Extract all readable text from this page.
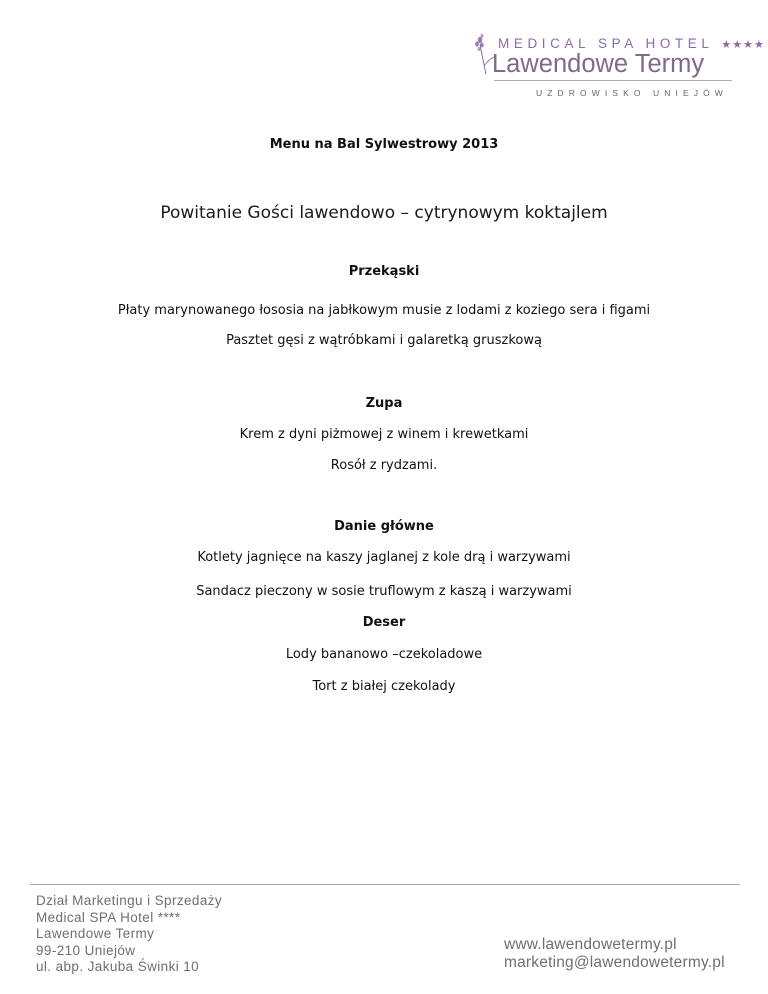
MEDICAL SPA HOTEL ★★★★
Lawendowe Termy
UZDROWISKO UNIEJÓW
Menu na Bal Sylwestrowy 2013
Powitanie Gości lawendowo – cytrynowym koktajlem
Przekąski
Płaty marynowanego łososia na jabłkowym musie z lodami z koziego sera i figami
Pasztet gęsi z wątróbkami i galaretką gruszkową
Zupa
Krem z dyni piżmowej z winem i krewetkami
Rosół z rydzami.
Danie główne
Kotlety jagnięce na kaszy jaglanej z kole drą i warzywami
Sandacz pieczony w sosie truflowym z kaszą i warzywami
Deser
Lody bananowo –czekoladowe
Tort z białej czekolady
Dział Marketingu i Sprzedaży
Medical SPA Hotel ****
Lawendowe Termy
99-210 Uniejów
ul. abp. Jakuba Świnki 10
www.lawendowetermy.pl
marketing@lawendowetermy.pl
